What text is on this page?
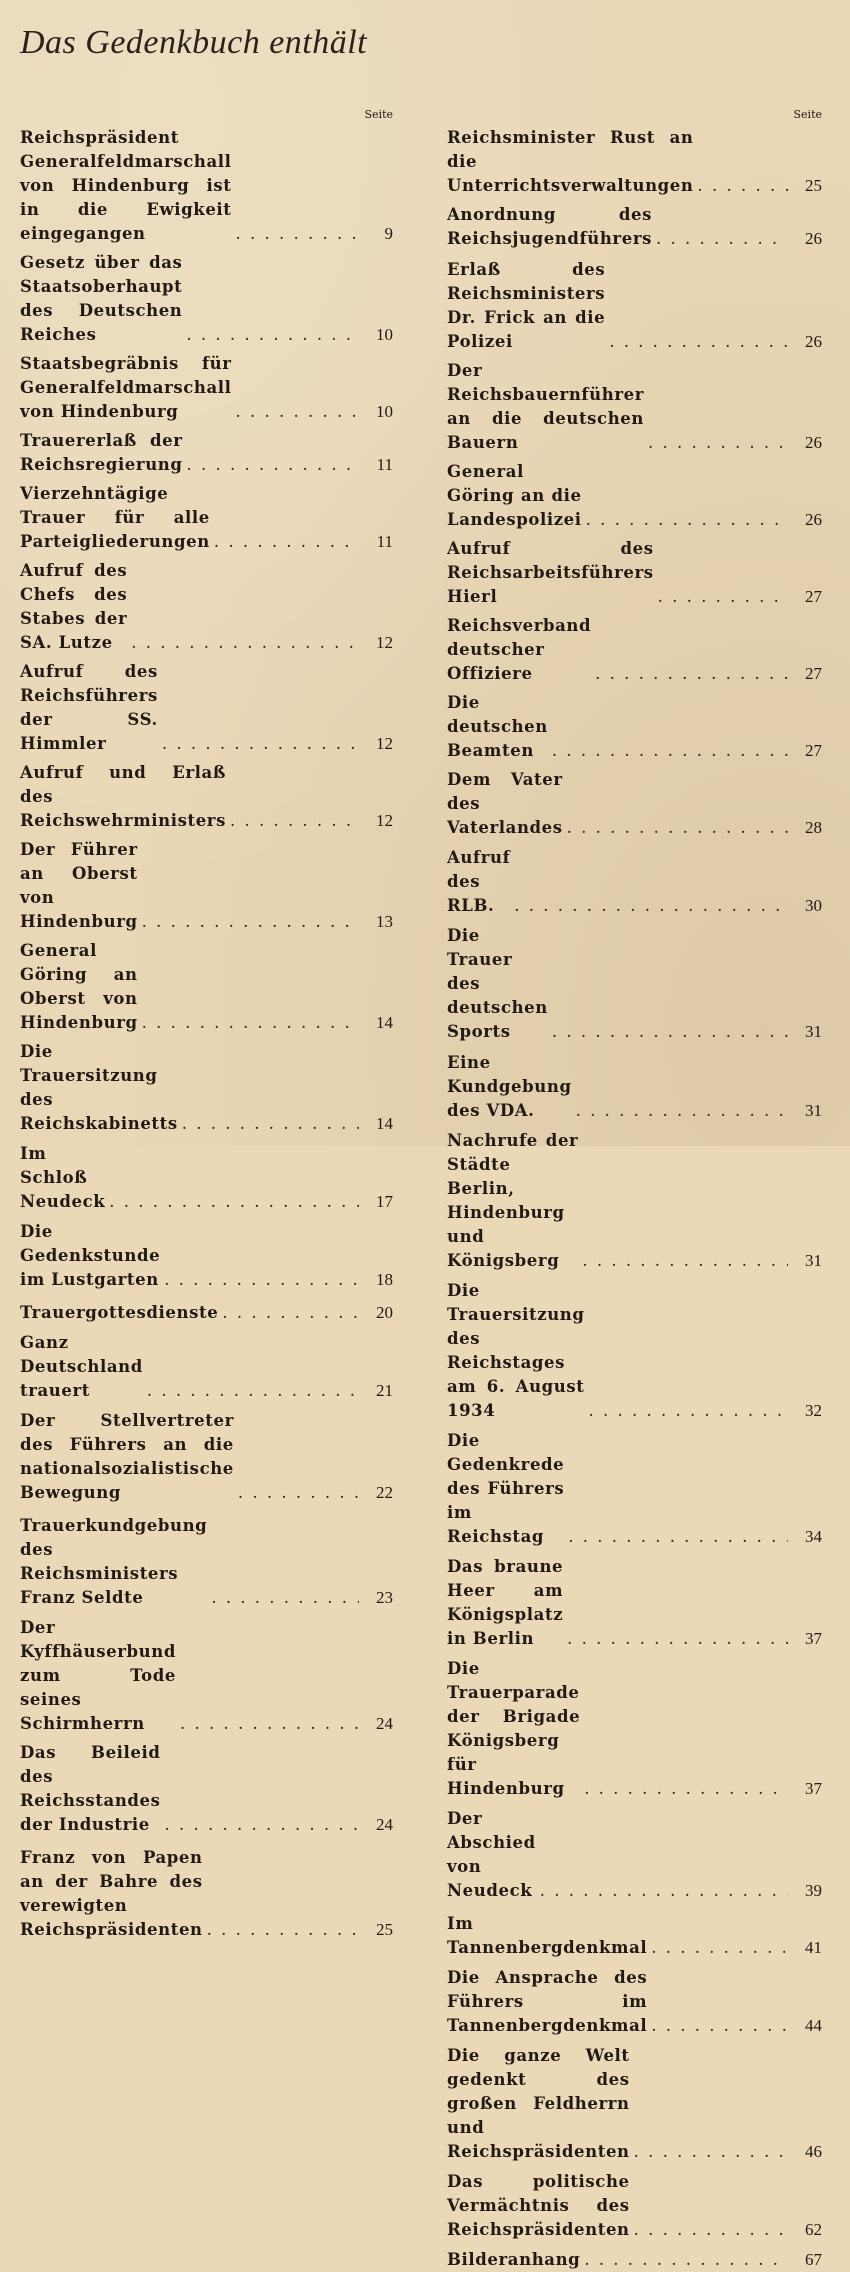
Das Gedenkbuch enthält
Seite
Reichspräsident Generalfeldmarschall von Hindenburg ist in die Ewigkeit eingegangen . . .	9
Gesetz über das Staatsoberhaupt des Deutschen Reiches . . .	10
Staatsbegräbnis für Generalfeldmarschall von Hindenburg . . .	10
Trauererlaß der Reichsregierung . . .	11
Vierzehntägige Trauer für alle Parteigliederungen . . .	11
Aufruf des Chefs des Stabes der SA. Lutze . . .	12
Aufruf des Reichsführers der SS. Himmler . . .	12
Aufruf und Erlaß des Reichswehrministers . . .	12
Der Führer an Oberst von Hindenburg . . .	13
General Göring an Oberst von Hindenburg . . .	14
Die Trauersitzung des Reichskabinetts . . .	14
Im Schloß Neudeck . . .	17
Die Gedenkstunde im Lustgarten . . .	18
Trauergottesdienste . . .	20
Ganz Deutschland trauert . . .	21
Der Stellvertreter des Führers an die nationalsozialistische Bewegung . . .	22
Trauerkundgebung des Reichsministers Franz Seldte . . .	23
Der Kyffhäuserbund zum Tode seines Schirmherrn . . .	24
Das Beileid des Reichsstandes der Industrie . . .	24
Franz von Papen an der Bahre des verewigten Reichspräsidenten . . .	25
Seite
Reichsminister Rust an die Unterrichtsverwaltungen . . .	25
Anordnung des Reichsjugendführers . . .	26
Erlaß des Reichsministers Dr. Frick an die Polizei . . .	26
Der Reichsbauernführer an die deutschen Bauern . . .	26
General Göring an die Landespolizei . . .	26
Aufruf des Reichsarbeitsführers Hierl . . .	27
Reichsverband deutscher Offiziere . . .	27
Die deutschen Beamten . . .	27
Dem Vater des Vaterlandes . . .	28
Aufruf des RLB. . . .	30
Die Trauer des deutschen Sports . . .	31
Eine Kundgebung des VDA. . . .	31
Nachrufe der Städte Berlin, Hindenburg und Königsberg . . .	31
Die Trauersitzung des Reichstages am 6. August 1934 . . .	32
Die Gedenkrede des Führers im Reichstag . . .	34
Das braune Heer am Königsplatz in Berlin . . .	37
Die Trauerparade der Brigade Königsberg für Hindenburg . . .	37
Der Abschied von Neudeck . . .	39
Im Tannenbergdenkmal . . .	41
Die Ansprache des Führers im Tannenbergdenkmal . . .	44
Die ganze Welt gedenkt des großen Feldherrn und Reichspräsidenten . . .	46
Das politische Vermächtnis des Reichspräsidenten . . .	62
Bilderanhang . . .	67
